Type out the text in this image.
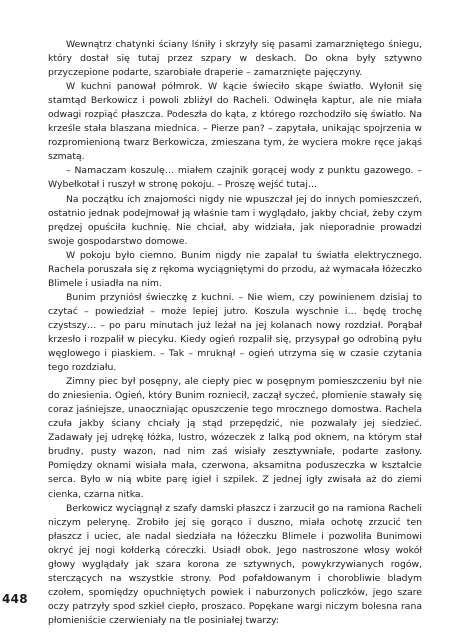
Wewnątrz chatynki ściany lśniły i skrzyły się pasami zamarzniętego śniegu, który dostał się tutaj przez szpary w deskach. Do okna były sztywno przyczepione podarte, szarobiałe draperie – zamarznięte pajęczyny.

W kuchni panował półmrok. W kącie świeciło skąpe światło. Wyłonił się stamtąd Berkowicz i powoli zbliżył do Racheli. Odwinęła kaptur, ale nie miała odwagi rozpiąć płaszcza. Podeszła do kąta, z którego rozchodziło się światło. Na krześle stała blaszana miednica. – Pierze pan? – zapytała, unikając spojrzenia w rozpromienioną twarz Berkowicza, zmieszana tym, że wyciera mokre ręce jakąś szmatą.

– Namaczam koszulę… miałem czajnik gorącej wody z punktu gazowego. – Wybełkotał i ruszył w stronę pokoju. – Proszę wejść tutaj…

Na początku ich znajomości nigdy nie wpuszczał jej do innych pomieszczeń, ostatnio jednak podejmował ją właśnie tam i wyglądało, jakby chciał, żeby czym prędzej opuściła kuchnię. Nie chciał, aby widziała, jak nieporadnie prowadzi swoje gospodarstwo domowe.

W pokoju było ciemno. Bunim nigdy nie zapalał tu światła elektrycznego. Rachela poruszała się z rękoma wyciągniętymi do przodu, aż wymacała łóżeczko Blimele i usiadła na nim.

Bunim przyniósł świeczkę z kuchni. – Nie wiem, czy powinienem dzisiaj to czytać – powiedział – może lepiej jutro. Koszula wyschnie i… będę trochę czystszy… – po paru minutach już leżał na jej kolanach nowy rozdział. Porąbał krzesło i rozpalił w piecyku. Kiedy ogień rozpalił się, przysypał go odrobiną pyłu węglowego i piaskiem. – Tak – mruknął – ogień utrzyma się w czasie czytania tego rozdziału.

Zimny piec był posępny, ale ciepły piec w posępnym pomieszczeniu był nie do zniesienia. Ogień, który Bunim rozniecił, zaczął syczeć, płomienie stawały się coraz jaśniejsze, unaoczniając opuszczenie tego mrocznego domostwa. Rachela czuła jakby ściany chciały ją stąd przepędzić, nie pozwalały jej siedzieć. Zadawały jej udrękę łóżka, lustro, wózeczek z lalką pod oknem, na którym stał brudny, pusty wazon, nad nim zaś wisiały zesztywniałe, podarte zasłony. Pomiędzy oknami wisiała mała, czerwona, aksamitna poduszeczka w kształcie serca. Było w nią wbite parę igieł i szpilek. Z jednej igły zwisała aż do ziemi cienka, czarna nitka.

Berkowicz wyciągnął z szafy damski płaszcz i zarzucił go na ramiona Racheli niczym pelerynę. Zrobiło jej się gorąco i duszno, miała ochotę zrzucić ten płaszcz i uciec, ale nadal siedziała na łóżeczku Blimele i pozwoliła Bunimowi okryć jej nogi kołderką córeczki. Usiadł obok. Jego nastroszone włosy wokół głowy wyglądały jak szara korona ze sztywnych, powykrzywianych rogów, sterczących na wszystkie strony. Pod pofałdowanym i chorobliwie bladym czołem, spomiędzy opuchniętych powiek i naburzonych policzków, jego szare oczy patrzyły spod szkieł ciepło, proszaco. Popękane wargi niczym bolesna rana płomieniście czerwieniały na tle posiniałej twarzy:

448
